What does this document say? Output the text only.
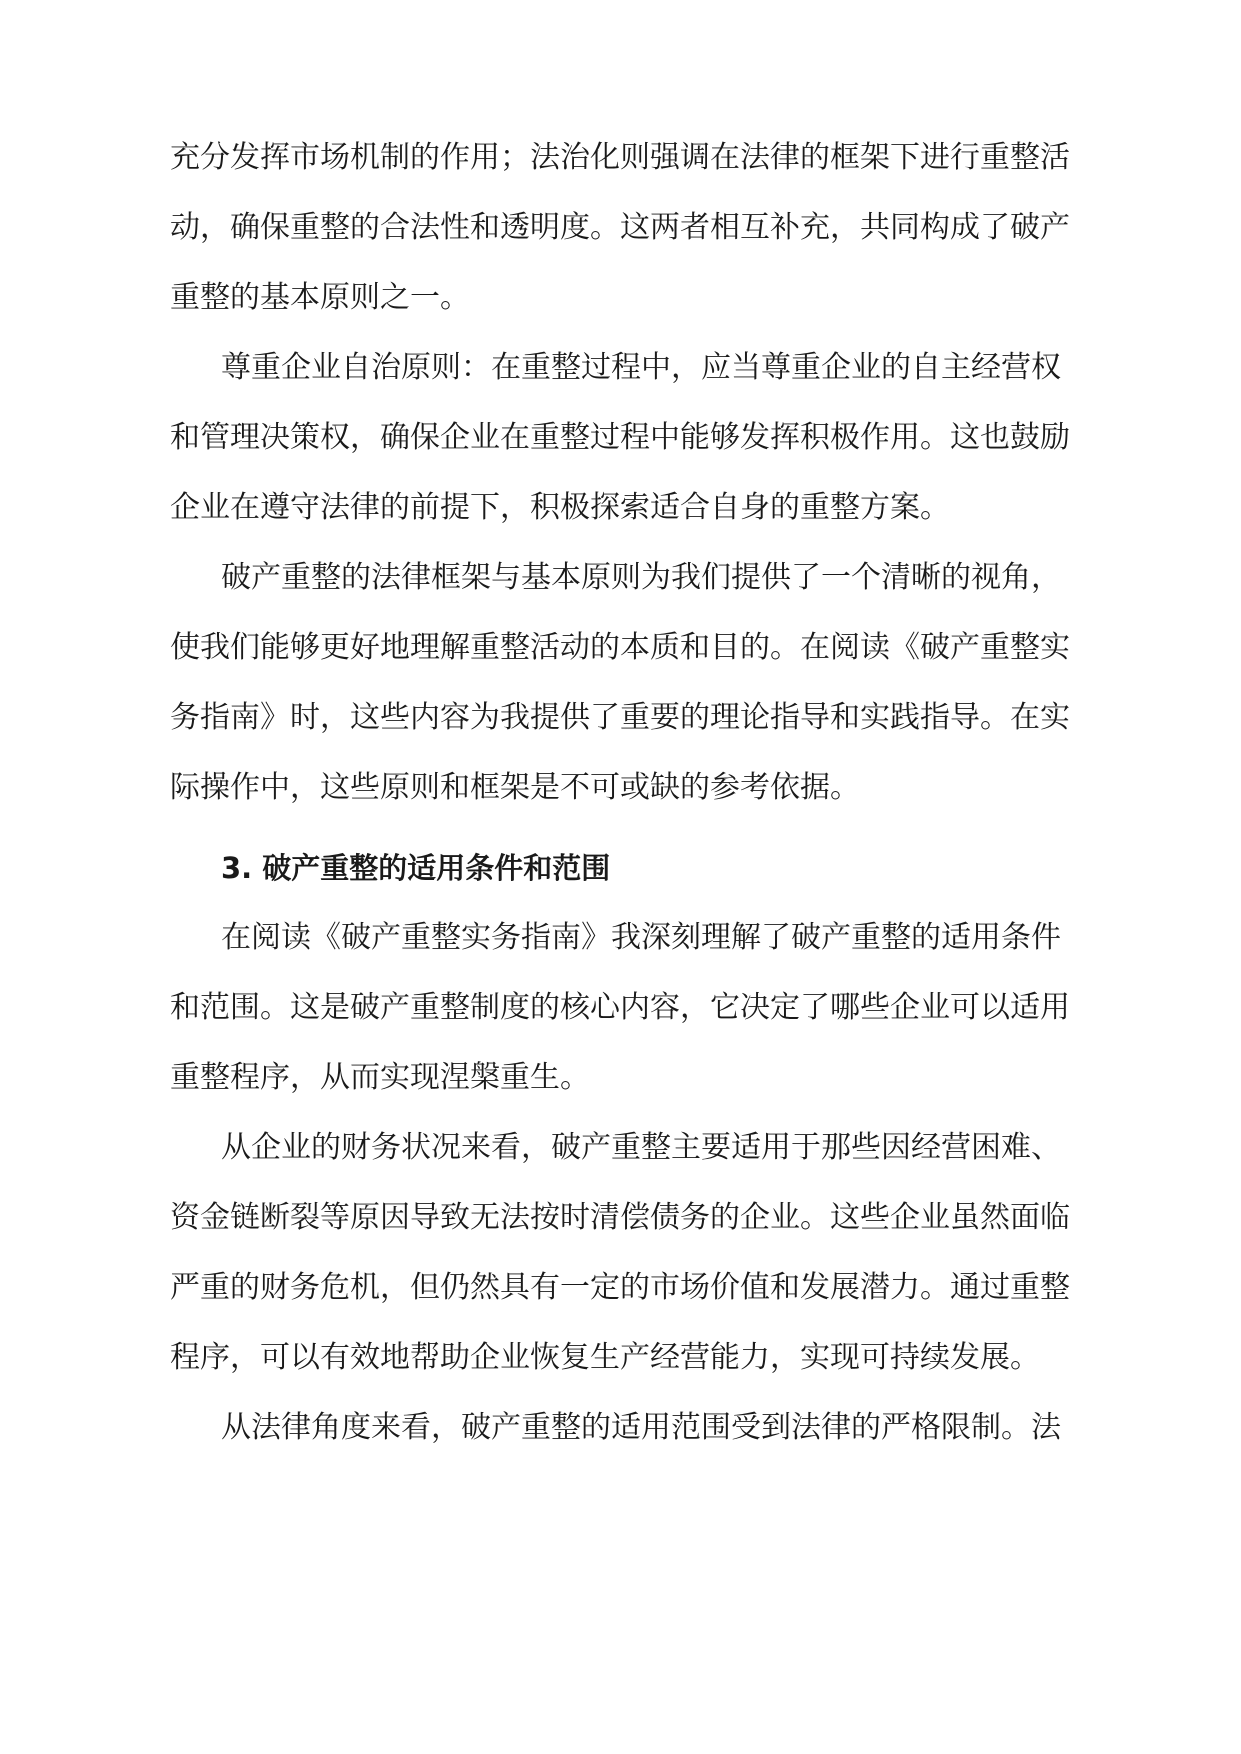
充分发挥市场机制的作用；法治化则强调在法律的框架下进行重整活
动，确保重整的合法性和透明度。这两者相互补充，共同构成了破产
重整的基本原则之一。
尊重企业自治原则：在重整过程中，应当尊重企业的自主经营权
和管理决策权，确保企业在重整过程中能够发挥积极作用。这也鼓励
企业在遵守法律的前提下，积极探索适合自身的重整方案。
破产重整的法律框架与基本原则为我们提供了一个清晰的视角，
使我们能够更好地理解重整活动的本质和目的。在阅读《破产重整实
务指南》时，这些内容为我提供了重要的理论指导和实践指导。在实
际操作中，这些原则和框架是不可或缺的参考依据。
3. 破产重整的适用条件和范围
在阅读《破产重整实务指南》我深刻理解了破产重整的适用条件
和范围。这是破产重整制度的核心内容，它决定了哪些企业可以适用
重整程序，从而实现涅槃重生。
从企业的财务状况来看，破产重整主要适用于那些因经营困难、
资金链断裂等原因导致无法按时清偿债务的企业。这些企业虽然面临
严重的财务危机，但仍然具有一定的市场价值和发展潜力。通过重整
程序，可以有效地帮助企业恢复生产经营能力，实现可持续发展。
从法律角度来看，破产重整的适用范围受到法律的严格限制。法
